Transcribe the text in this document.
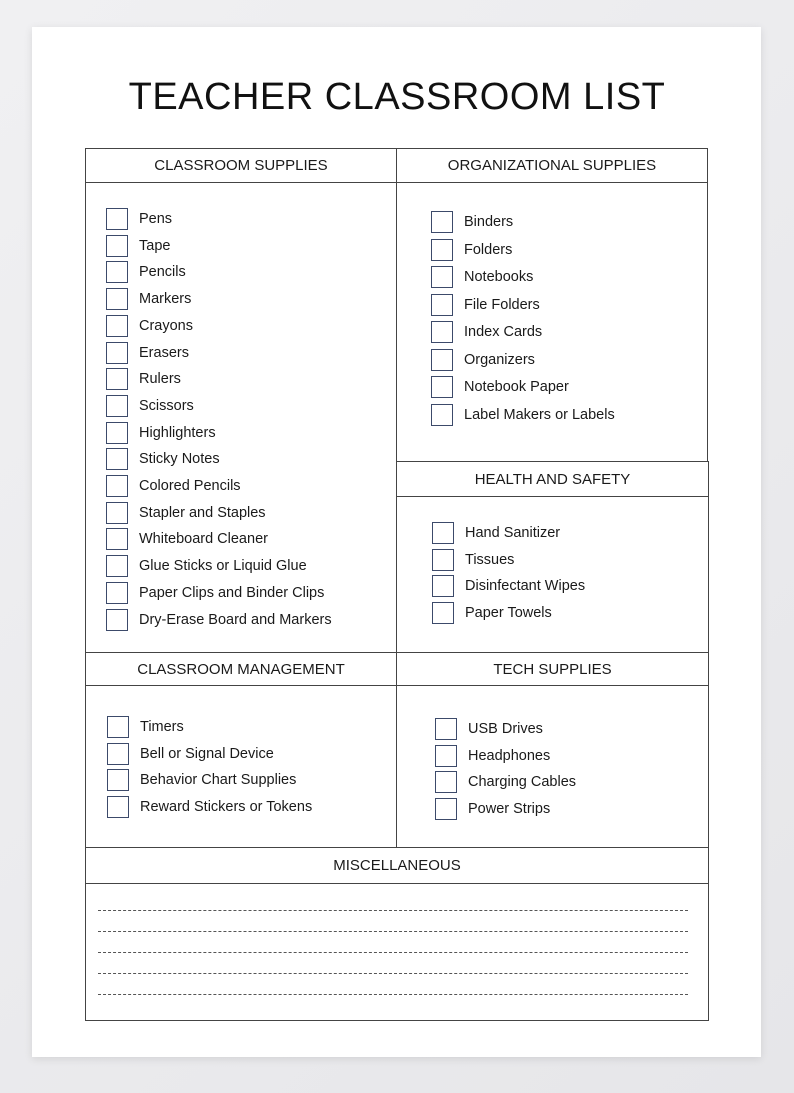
TEACHER CLASSROOM LIST
CLASSROOM SUPPLIES
Pens
Tape
Pencils
Markers
Crayons
Erasers
Rulers
Scissors
Highlighters
Sticky Notes
Colored Pencils
Stapler and Staples
Whiteboard Cleaner
Glue Sticks or Liquid Glue
Paper Clips and Binder Clips
Dry-Erase Board and Markers
ORGANIZATIONAL SUPPLIES
Binders
Folders
Notebooks
File Folders
Index Cards
Organizers
Notebook Paper
Label Makers or Labels
HEALTH AND SAFETY
Hand Sanitizer
Tissues
Disinfectant Wipes
Paper Towels
CLASSROOM MANAGEMENT
Timers
Bell or Signal Device
Behavior Chart Supplies
Reward Stickers or Tokens
TECH SUPPLIES
USB Drives
Headphones
Charging Cables
Power Strips
MISCELLANEOUS
